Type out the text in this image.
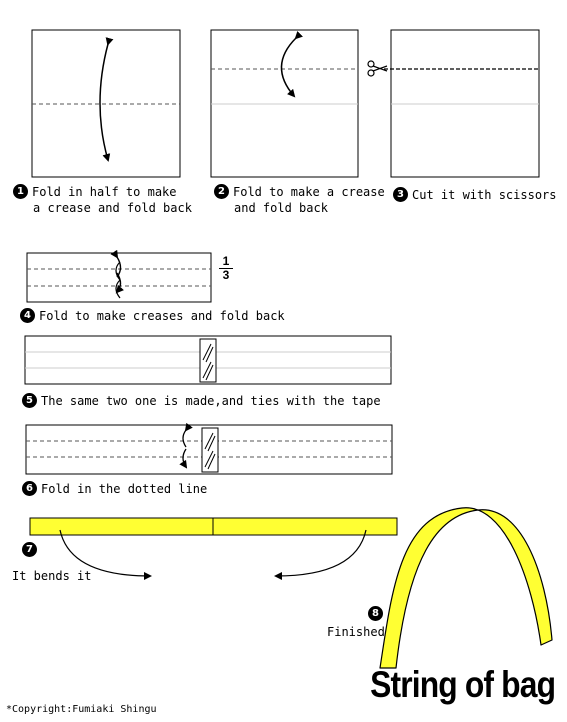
1 Fold in half to make
a crease and fold back
2 Fold to make a crease
and fold back
3 Cut it with scissors
$\frac{1}{3}$
4 Fold to make creases and fold back
5 The same two one is made,and ties with the tape
6 Fold in the dotted line
7
It bends it
8
Finished
String of bag
*Copyright:Fumiaki Shingu
